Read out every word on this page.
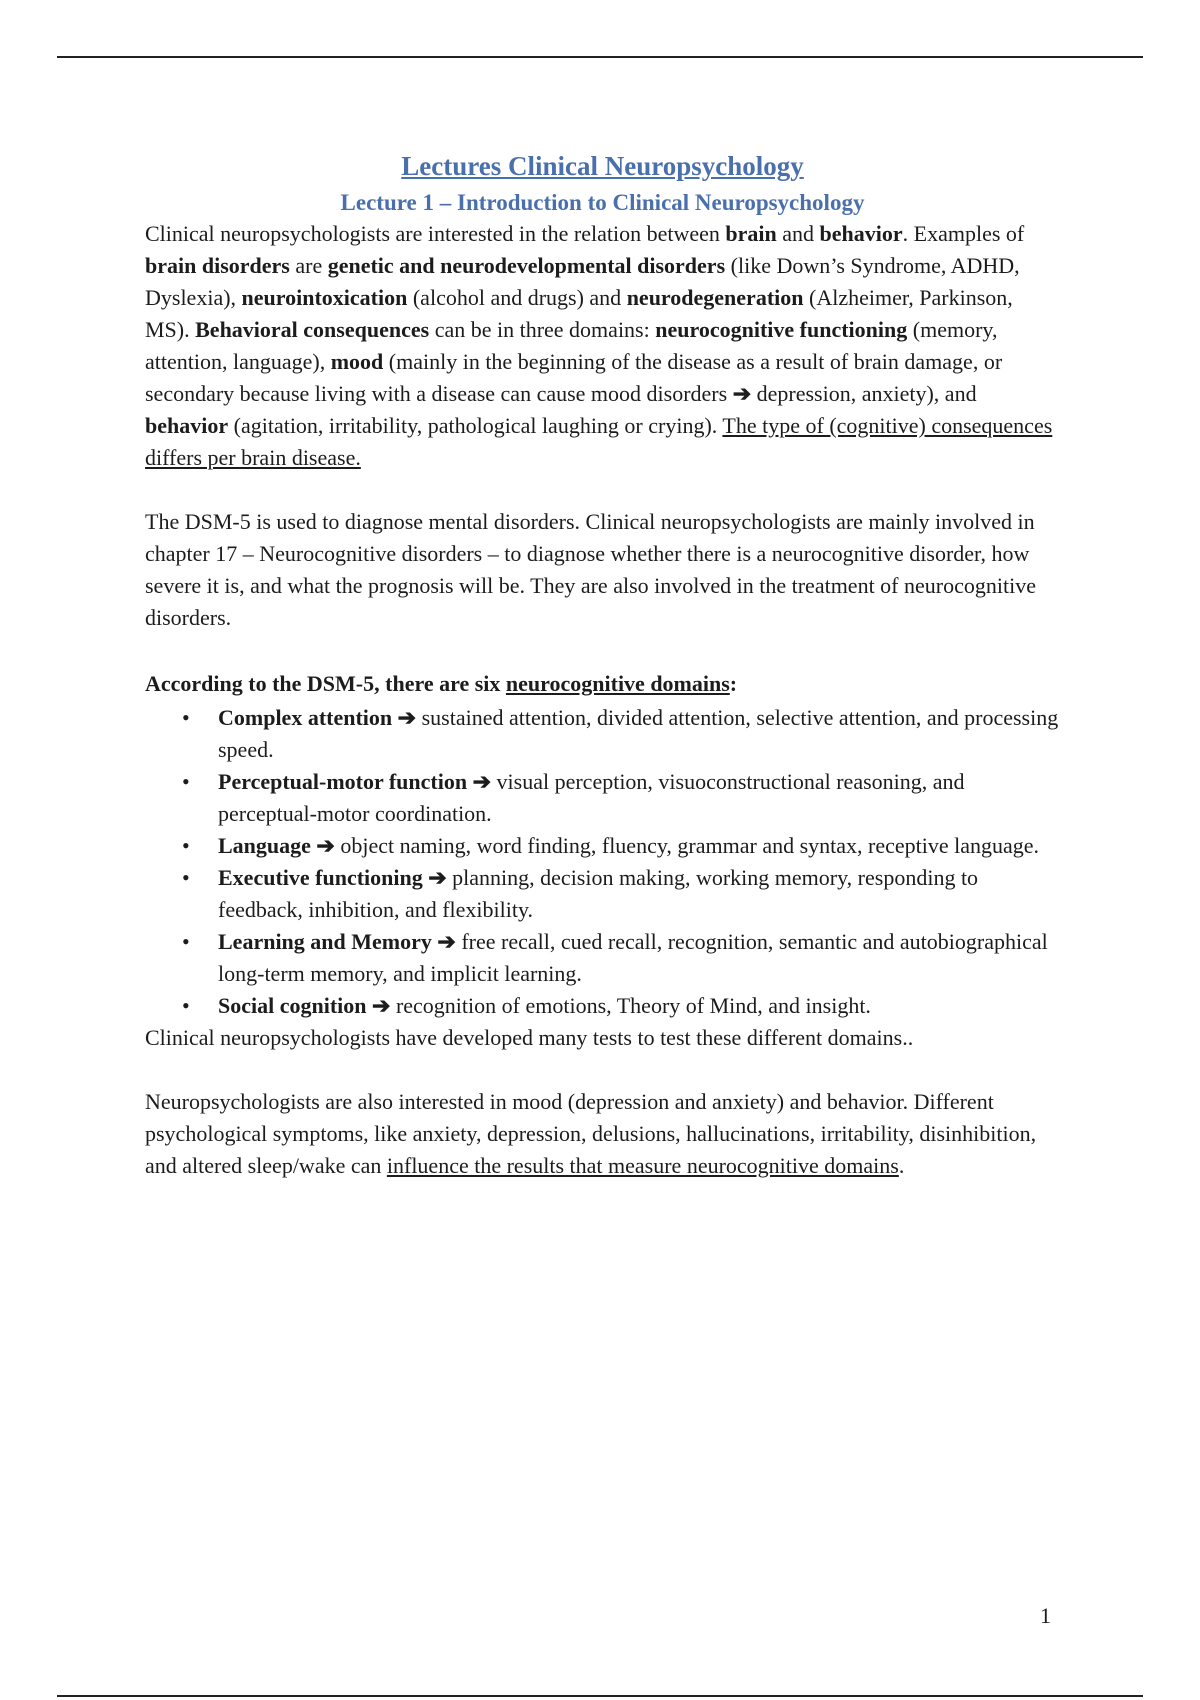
Lectures Clinical Neuropsychology
Lecture 1 – Introduction to Clinical Neuropsychology

Clinical neuropsychologists are interested in the relation between brain and behavior. Examples of brain disorders are genetic and neurodevelopmental disorders (like Down’s Syndrome, ADHD, Dyslexia), neurointoxication (alcohol and drugs) and neurodegeneration (Alzheimer, Parkinson, MS). Behavioral consequences can be in three domains: neurocognitive functioning (memory, attention, language), mood (mainly in the beginning of the disease as a result of brain damage, or secondary because living with a disease can cause mood disorders ➔ depression, anxiety), and behavior (agitation, irritability, pathological laughing or crying). The type of (cognitive) consequences differs per brain disease.

The DSM-5 is used to diagnose mental disorders. Clinical neuropsychologists are mainly involved in chapter 17 – Neurocognitive disorders – to diagnose whether there is a neurocognitive disorder, how severe it is, and what the prognosis will be. They are also involved in the treatment of neurocognitive disorders.

According to the DSM-5, there are six neurocognitive domains:

• Complex attention ➔ sustained attention, divided attention, selective attention, and processing speed.
• Perceptual-motor function ➔ visual perception, visuoconstructional reasoning, and perceptual-motor coordination.
• Language ➔ object naming, word finding, fluency, grammar and syntax, receptive language.
• Executive functioning ➔ planning, decision making, working memory, responding to feedback, inhibition, and flexibility.
• Learning and Memory ➔ free recall, cued recall, recognition, semantic and autobiographical long-term memory, and implicit learning.
• Social cognition ➔ recognition of emotions, Theory of Mind, and insight.

Clinical neuropsychologists have developed many tests to test these different domains..

Neuropsychologists are also interested in mood (depression and anxiety) and behavior. Different psychological symptoms, like anxiety, depression, delusions, hallucinations, irritability, disinhibition, and altered sleep/wake can influence the results that measure neurocognitive domains.

1
